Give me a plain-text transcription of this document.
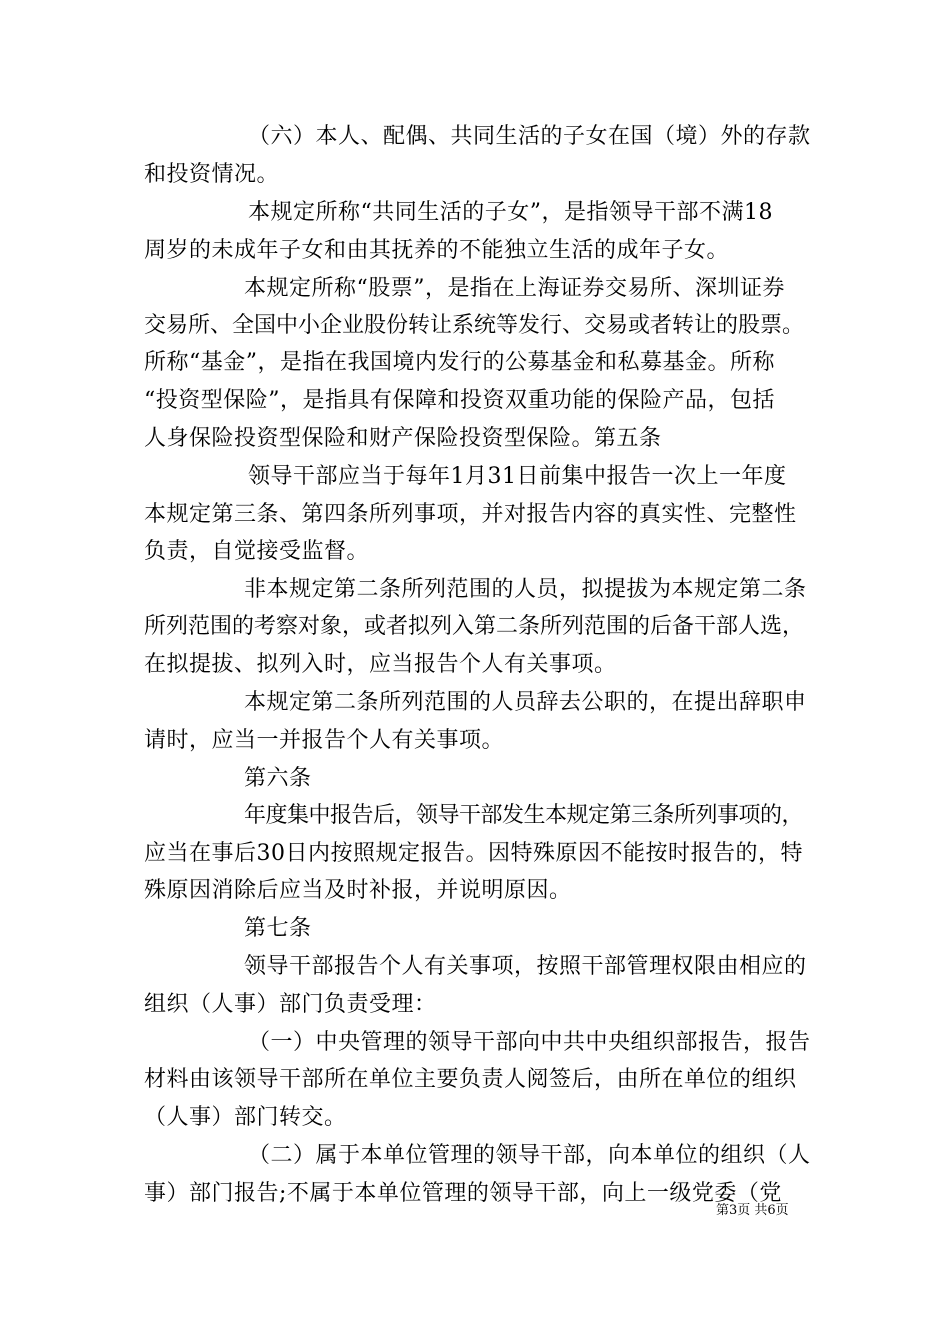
（六）本人、配偶、共同生活的子女在国（境）外的存款
和投资情况。
本规定所称“共同生活的子女”，是指领导干部不满18
周岁的未成年子女和由其抚养的不能独立生活的成年子女。
本规定所称“股票”，是指在上海证券交易所、深圳证券
交易所、全国中小企业股份转让系统等发行、交易或者转让的股票。
所称“基金”，是指在我国境内发行的公募基金和私募基金。所称
“投资型保险”，是指具有保障和投资双重功能的保险产品，包括
人身保险投资型保险和财产保险投资型保险。第五条
领导干部应当于每年1月31日前集中报告一次上一年度
本规定第三条、第四条所列事项，并对报告内容的真实性、完整性
负责，自觉接受监督。
非本规定第二条所列范围的人员，拟提拔为本规定第二条
所列范围的考察对象，或者拟列入第二条所列范围的后备干部人选，
在拟提拔、拟列入时，应当报告个人有关事项。
本规定第二条所列范围的人员辞去公职的，在提出辞职申
请时，应当一并报告个人有关事项。
第六条
年度集中报告后，领导干部发生本规定第三条所列事项的，
应当在事后30日内按照规定报告。因特殊原因不能按时报告的，特
殊原因消除后应当及时补报，并说明原因。
第七条
领导干部报告个人有关事项，按照干部管理权限由相应的
组织（人事）部门负责受理：
（一）中央管理的领导干部向中共中央组织部报告，报告
材料由该领导干部所在单位主要负责人阅签后，由所在单位的组织
（人事）部门转交。
（二）属于本单位管理的领导干部，向本单位的组织（人
事）部门报告;不属于本单位管理的领导干部，向上一级党委（党
第3页 共6页
